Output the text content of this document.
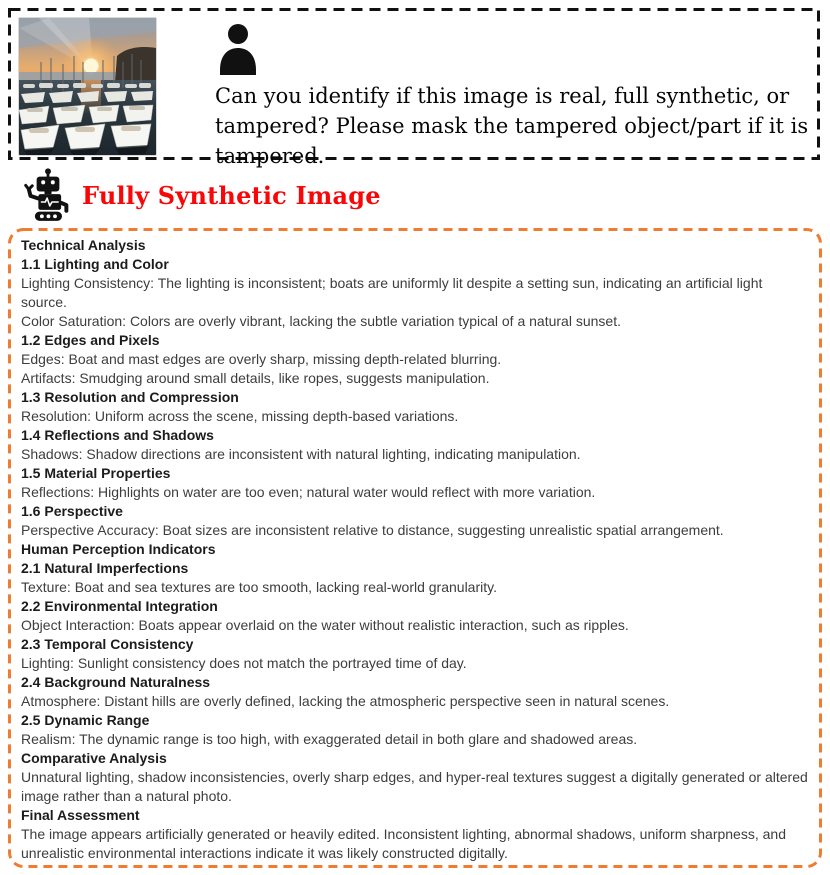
Can you identify if this image is real, full synthetic, or tampered? Please mask the tampered object/part if it is tampered.
Fully Synthetic Image
Technical Analysis
1.1 Lighting and Color
Lighting Consistency: The lighting is inconsistent; boats are uniformly lit despite a setting sun, indicating an artificial light source.
Color Saturation: Colors are overly vibrant, lacking the subtle variation typical of a natural sunset.
1.2 Edges and Pixels
Edges: Boat and mast edges are overly sharp, missing depth-related blurring.
Artifacts: Smudging around small details, like ropes, suggests manipulation.
1.3 Resolution and Compression
Resolution: Uniform across the scene, missing depth-based variations.
1.4 Reflections and Shadows
Shadows: Shadow directions are inconsistent with natural lighting, indicating manipulation.
1.5 Material Properties
Reflections: Highlights on water are too even; natural water would reflect with more variation.
1.6 Perspective
Perspective Accuracy: Boat sizes are inconsistent relative to distance, suggesting unrealistic spatial arrangement.
Human Perception Indicators
2.1 Natural Imperfections
Texture: Boat and sea textures are too smooth, lacking real-world granularity.
2.2 Environmental Integration
Object Interaction: Boats appear overlaid on the water without realistic interaction, such as ripples.
2.3 Temporal Consistency
Lighting: Sunlight consistency does not match the portrayed time of day.
2.4 Background Naturalness
Atmosphere: Distant hills are overly defined, lacking the atmospheric perspective seen in natural scenes.
2.5 Dynamic Range
Realism: The dynamic range is too high, with exaggerated detail in both glare and shadowed areas.
Comparative Analysis
Unnatural lighting, shadow inconsistencies, overly sharp edges, and hyper-real textures suggest a digitally generated or altered image rather than a natural photo.
Final Assessment
The image appears artificially generated or heavily edited. Inconsistent lighting, abnormal shadows, uniform sharpness, and unrealistic environmental interactions indicate it was likely constructed digitally.
